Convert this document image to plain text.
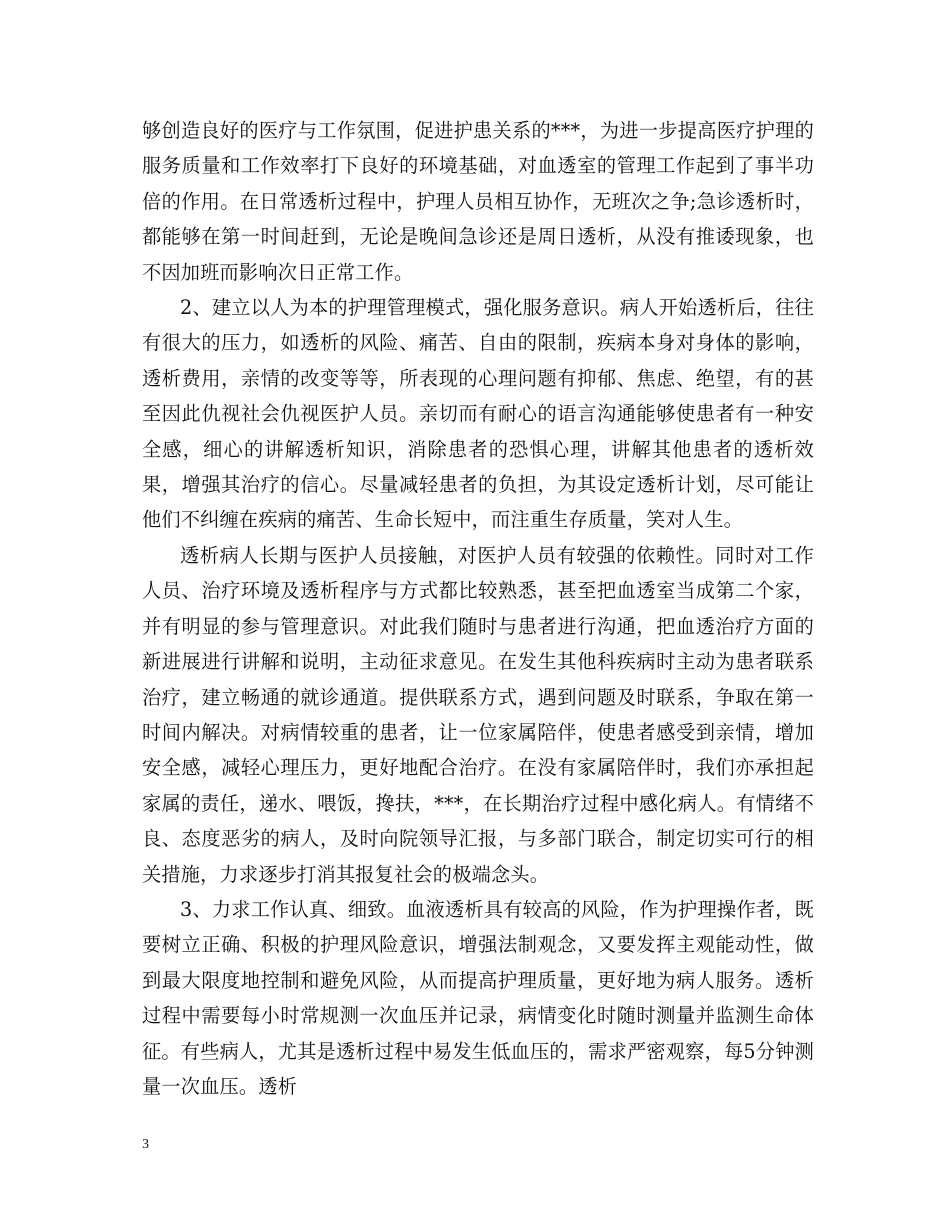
够创造良好的医疗与工作氛围，促进护患关系的***，为进一步提高医疗护理的服务质量和工作效率打下良好的环境基础，对血透室的管理工作起到了事半功倍的作用。在日常透析过程中，护理人员相互协作，无班次之争;急诊透析时，都能够在第一时间赶到，无论是晚间急诊还是周日透析，从没有推诿现象，也不因加班而影响次日正常工作。

2、建立以人为本的护理管理模式，强化服务意识。病人开始透析后，往往有很大的压力，如透析的风险、痛苦、自由的限制，疾病本身对身体的影响，透析费用，亲情的改变等等，所表现的心理问题有抑郁、焦虑、绝望，有的甚至因此仇视社会仇视医护人员。亲切而有耐心的语言沟通能够使患者有一种安全感，细心的讲解透析知识，消除患者的恐惧心理，讲解其他患者的透析效果，增强其治疗的信心。尽量减轻患者的负担，为其设定透析计划，尽可能让他们不纠缠在疾病的痛苦、生命长短中，而注重生存质量，笑对人生。

透析病人长期与医护人员接触，对医护人员有较强的依赖性。同时对工作人员、治疗环境及透析程序与方式都比较熟悉，甚至把血透室当成第二个家，并有明显的参与管理意识。对此我们随时与患者进行沟通，把血透治疗方面的新进展进行讲解和说明，主动征求意见。在发生其他科疾病时主动为患者联系治疗，建立畅通的就诊通道。提供联系方式，遇到问题及时联系，争取在第一时间内解决。对病情较重的患者，让一位家属陪伴，使患者感受到亲情，增加安全感，减轻心理压力，更好地配合治疗。在没有家属陪伴时，我们亦承担起家属的责任，递水、喂饭，搀扶，***，在长期治疗过程中感化病人。有情绪不良、态度恶劣的病人，及时向院领导汇报，与多部门联合，制定切实可行的相关措施，力求逐步打消其报复社会的极端念头。

3、力求工作认真、细致。血液透析具有较高的风险，作为护理操作者，既要树立正确、积极的护理风险意识，增强法制观念，又要发挥主观能动性，做到最大限度地控制和避免风险，从而提高护理质量，更好地为病人服务。透析过程中需要每小时常规测一次血压并记录，病情变化时随时测量并监测生命体征。有些病人，尤其是透析过程中易发生低血压的，需求严密观察，每5分钟测量一次血压。透析

3
